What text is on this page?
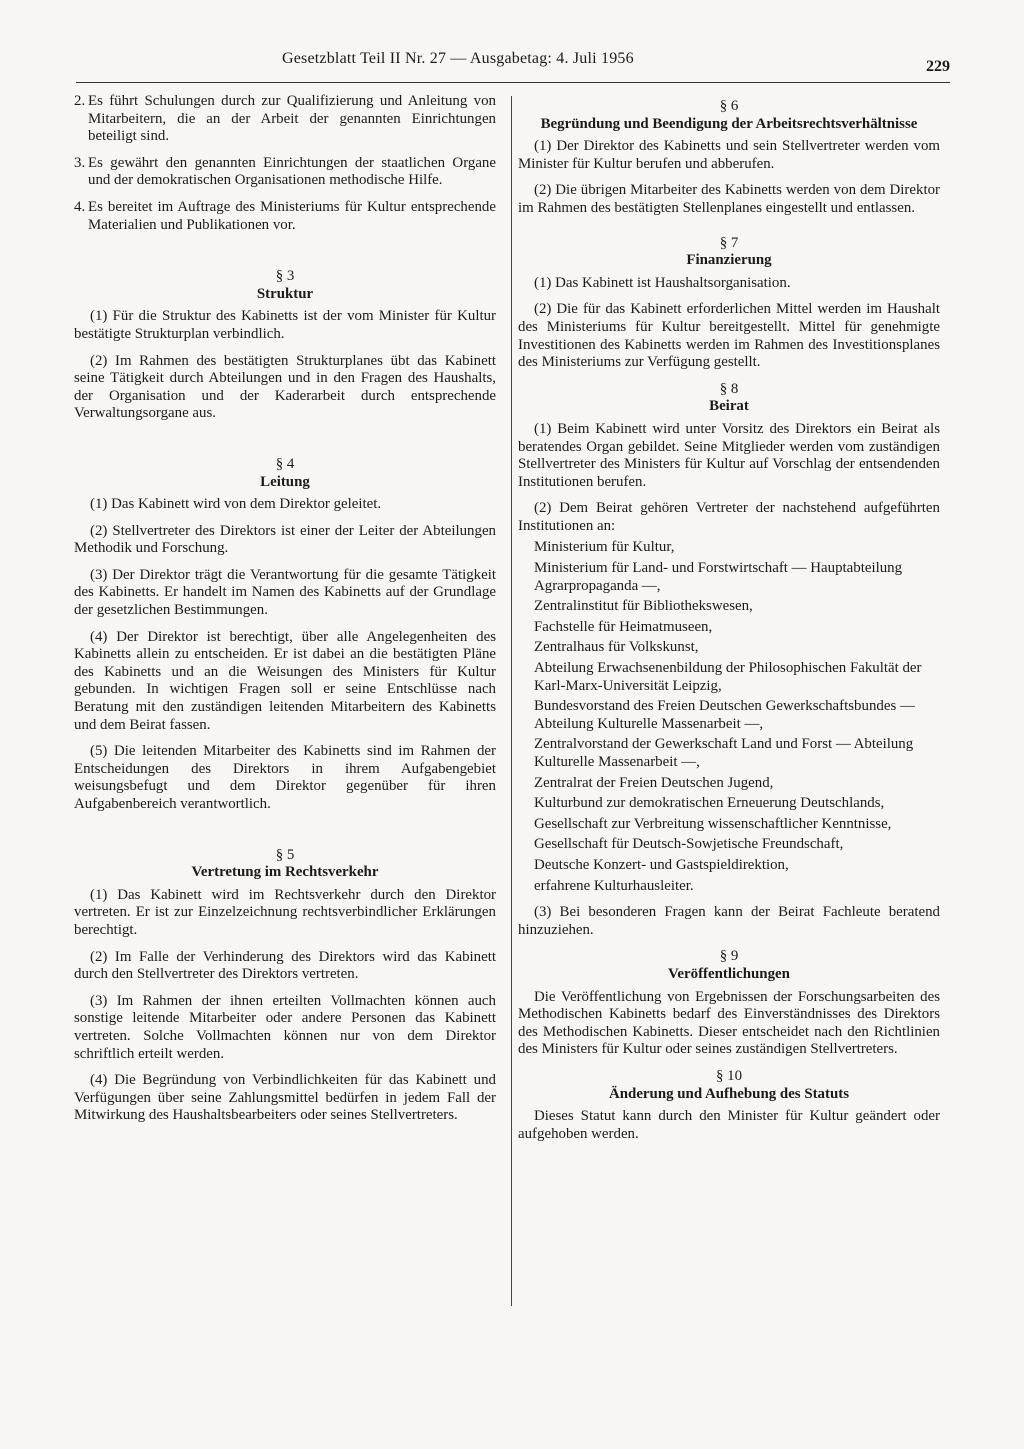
Gesetzblatt Teil II Nr. 27 — Ausgabetag: 4. Juli 1956	229
2. Es führt Schulungen durch zur Qualifizierung und Anleitung von Mitarbeitern, die an der Arbeit der genannten Einrichtungen beteiligt sind.
3. Es gewährt den genannten Einrichtungen der staatlichen Organe und der demokratischen Organisationen methodische Hilfe.
4. Es bereitet im Auftrage des Ministeriums für Kultur entsprechende Materialien und Publikationen vor.

§ 3

Struktur

(1) Für die Struktur des Kabinetts ist der vom Minister für Kultur bestätigte Strukturplan verbindlich.
(2) Im Rahmen des bestätigten Strukturplanes übt das Kabinett seine Tätigkeit durch Abteilungen und in den Fragen des Haushalts, der Organisation und der Kaderarbeit durch entsprechende Verwaltungsorgane aus.

§ 4

Leitung

(1) Das Kabinett wird von dem Direktor geleitet.
(2) Stellvertreter des Direktors ist einer der Leiter der Abteilungen Methodik und Forschung.
(3) Der Direktor trägt die Verantwortung für die gesamte Tätigkeit des Kabinetts. Er handelt im Namen des Kabinetts auf der Grundlage der gesetzlichen Bestimmungen.
(4) Der Direktor ist berechtigt, über alle Angelegenheiten des Kabinetts allein zu entscheiden. Er ist dabei an die bestätigten Pläne des Kabinetts und an die Weisungen des Ministers für Kultur gebunden. In wichtigen Fragen soll er seine Entschlüsse nach Beratung mit den zuständigen leitenden Mitarbeitern des Kabinetts und dem Beirat fassen.
(5) Die leitenden Mitarbeiter des Kabinetts sind im Rahmen der Entscheidungen des Direktors in ihrem Aufgabengebiet weisungsbefugt und dem Direktor gegenüber für ihren Aufgabenbereich verantwortlich.

§ 5

Vertretung im Rechtsverkehr

(1) Das Kabinett wird im Rechtsverkehr durch den Direktor vertreten. Er ist zur Einzelzeichnung rechtsverbindlicher Erklärungen berechtigt.
(2) Im Falle der Verhinderung des Direktors wird das Kabinett durch den Stellvertreter des Direktors vertreten.
(3) Im Rahmen der ihnen erteilten Vollmachten können auch sonstige leitende Mitarbeiter oder andere Personen das Kabinett vertreten. Solche Vollmachten können nur von dem Direktor schriftlich erteilt werden.
(4) Die Begründung von Verbindlichkeiten für das Kabinett und Verfügungen über seine Zahlungsmittel bedürfen in jedem Fall der Mitwirkung des Haushaltsbearbeiters oder seines Stellvertreters.

§ 6

Begründung und Beendigung der Arbeitsrechtsverhältnisse

(1) Der Direktor des Kabinetts und sein Stellvertreter werden vom Minister für Kultur berufen und abberufen.
(2) Die übrigen Mitarbeiter des Kabinetts werden von dem Direktor im Rahmen des bestätigten Stellenplanes eingestellt und entlassen.

§ 7

Finanzierung

(1) Das Kabinett ist Haushaltsorganisation.
(2) Die für das Kabinett erforderlichen Mittel werden im Haushalt des Ministeriums für Kultur bereitgestellt. Mittel für genehmigte Investitionen des Kabinetts werden im Rahmen des Investitionsplanes des Ministeriums zur Verfügung gestellt.

§ 8

Beirat

(1) Beim Kabinett wird unter Vorsitz des Direktors ein Beirat als beratendes Organ gebildet. Seine Mitglieder werden vom zuständigen Stellvertreter des Ministers für Kultur auf Vorschlag der entsendenden Institutionen berufen.
(2) Dem Beirat gehören Vertreter der nachstehend aufgeführten Institutionen an:
Ministerium für Kultur,
Ministerium für Land- und Forstwirtschaft — Hauptabteilung Agrarpropaganda —,
Zentralinstitut für Bibliothekswesen,
Fachstelle für Heimatmuseen,
Zentralhaus für Volkskunst,
Abteilung Erwachsenenbildung der Philosophischen Fakultät der Karl-Marx-Universität Leipzig,
Bundesvorstand des Freien Deutschen Gewerkschaftsbundes — Abteilung Kulturelle Massenarbeit —,
Zentralvorstand der Gewerkschaft Land und Forst — Abteilung Kulturelle Massenarbeit —,
Zentralrat der Freien Deutschen Jugend,
Kulturbund zur demokratischen Erneuerung Deutschlands,
Gesellschaft zur Verbreitung wissenschaftlicher Kenntnisse,
Gesellschaft für Deutsch-Sowjetische Freundschaft,
Deutsche Konzert- und Gastspieldirektion,
erfahrene Kulturhausleiter.
(3) Bei besonderen Fragen kann der Beirat Fachleute beratend hinzuziehen.

§ 9

Veröffentlichungen

Die Veröffentlichung von Ergebnissen der Forschungsarbeiten des Methodischen Kabinetts bedarf des Einverständnisses des Direktors des Methodischen Kabinetts. Dieser entscheidet nach den Richtlinien des Ministers für Kultur oder seines zuständigen Stellvertreters.

§ 10

Änderung und Aufhebung des Statuts

Dieses Statut kann durch den Minister für Kultur geändert oder aufgehoben werden.
